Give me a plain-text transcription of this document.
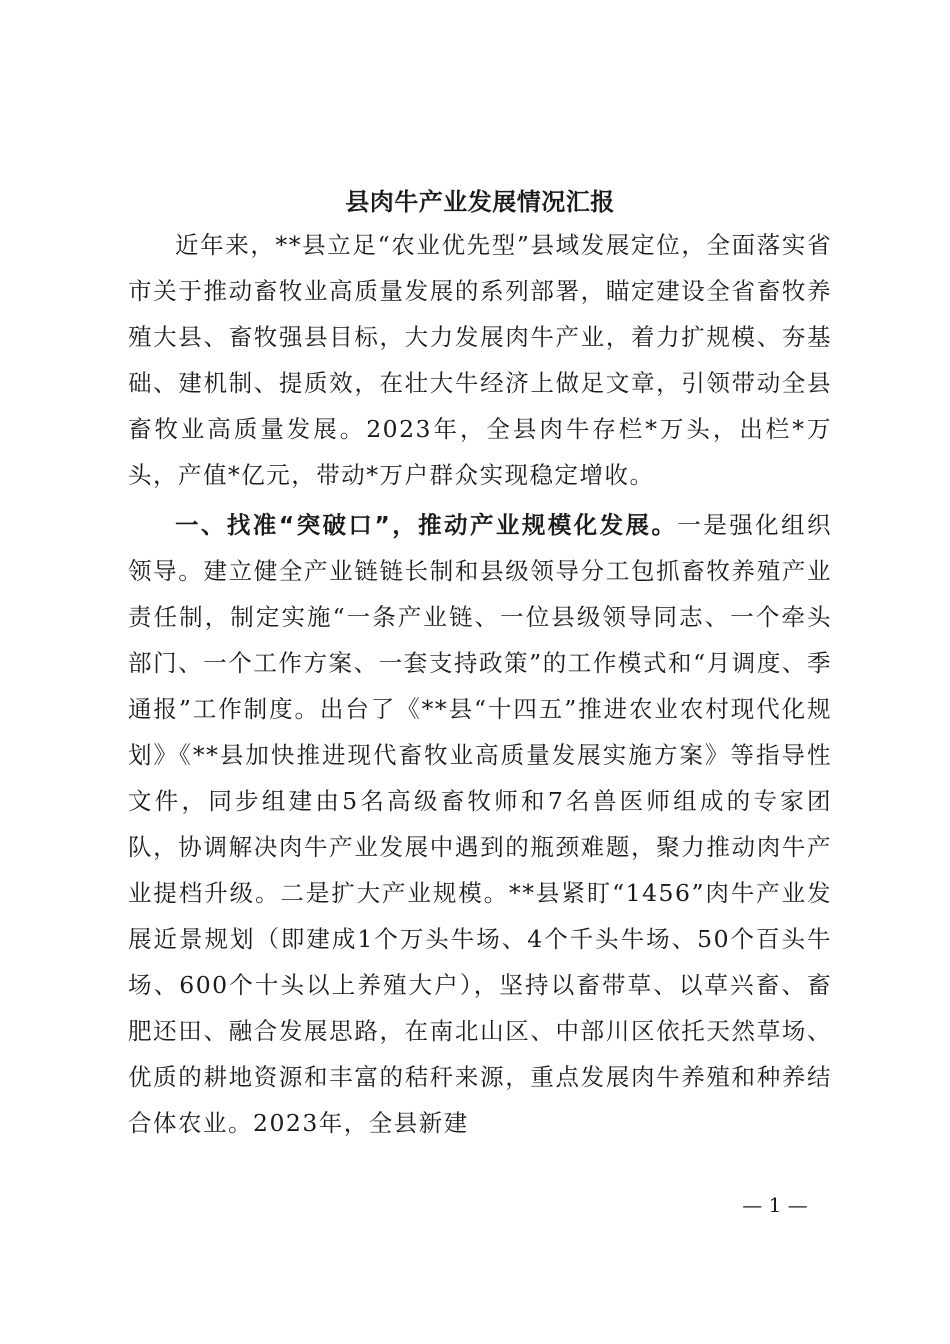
县肉牛产业发展情况汇报

近年来，**县立足“农业优先型”县域发展定位，全面落实省市关于推动畜牧业高质量发展的系列部署，瞄定建设全省畜牧养殖大县、畜牧强县目标，大力发展肉牛产业，着力扩规模、夯基础、建机制、提质效，在壮大牛经济上做足文章，引领带动全县畜牧业高质量发展。2023年，全县肉牛存栏*万头，出栏*万头，产值*亿元，带动*万户群众实现稳定增收。

一、找准“突破口”，推动产业规模化发展。一是强化组织领导。建立健全产业链链长制和县级领导分工包抓畜牧养殖产业责任制，制定实施“一条产业链、一位县级领导同志、一个牵头部门、一个工作方案、一套支持政策”的工作模式和“月调度、季通报”工作制度。出台了《**县“十四五”推进农业农村现代化规划》《**县加快推进现代畜牧业高质量发展实施方案》等指导性文件，同步组建由5名高级畜牧师和7名兽医师组成的专家团队，协调解决肉牛产业发展中遇到的瓶颈难题，聚力推动肉牛产业提档升级。二是扩大产业规模。**县紧盯“1456”肉牛产业发展近景规划（即建成1个万头牛场、4个千头牛场、50个百头牛场、600个十头以上养殖大户），坚持以畜带草、以草兴畜、畜肥还田、融合发展思路，在南北山区、中部川区依托天然草场、优质的耕地资源和丰富的秸秆来源，重点发展肉牛养殖和种养结合体农业。2023年，全县新建

— 1 —
